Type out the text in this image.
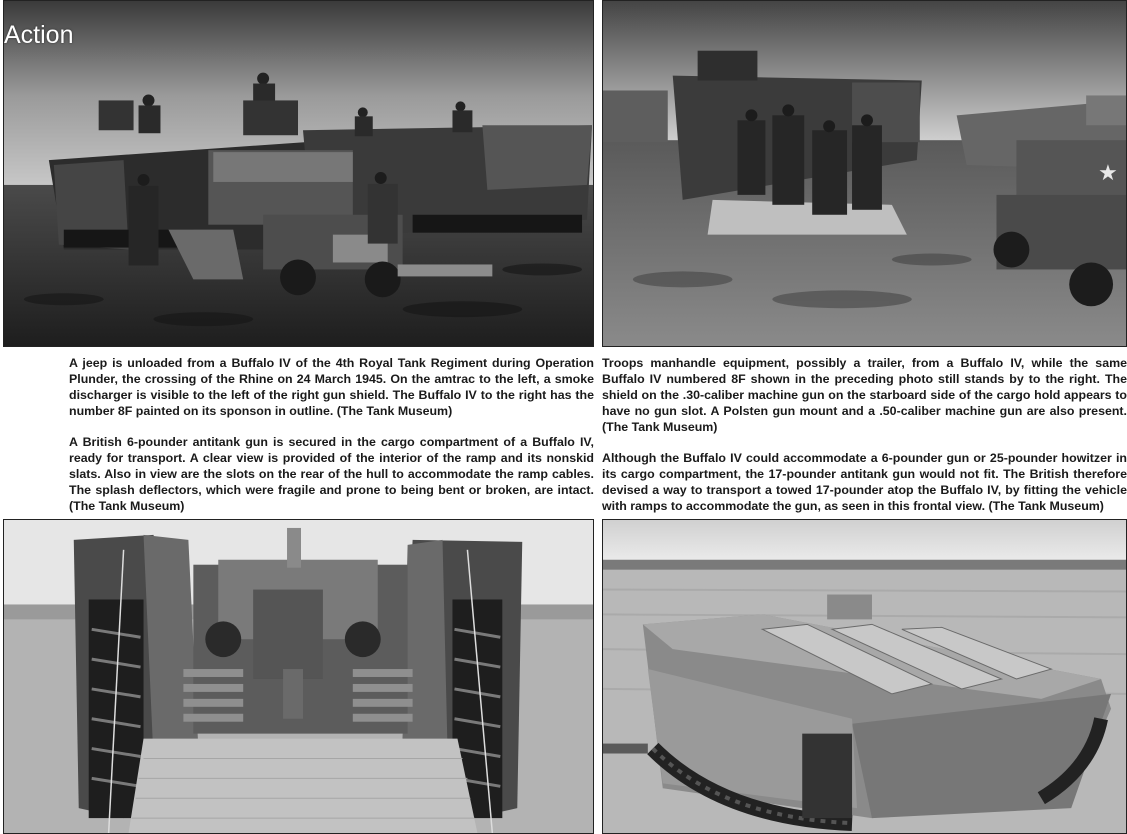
Action
★

A jeep is unloaded from a Buffalo IV of the 4th Royal Tank Regiment during Operation Plunder, the crossing of the Rhine on 24 March 1945. On the amtrac to the left, a smoke discharger is visible to the left of the right gun shield. The Buffalo IV to the right has the number 8F painted on its sponson in outline. (The Tank Museum)

Troops manhandle equipment, possibly a trailer, from a Buffalo IV, while the same Buffalo IV numbered 8F shown in the preceding photo still stands by to the right. The shield on the .30-caliber machine gun on the starboard side of the cargo hold appears to have no gun slot. A Polsten gun mount and a .50-caliber machine gun are also present. (The Tank Museum)

A British 6-pounder antitank gun is secured in the cargo compartment of a Buffalo IV, ready for transport. A clear view is provided of the interior of the ramp and its nonskid slats. Also in view are the slots on the rear of the hull to accommodate the ramp cables. The splash deflectors, which were fragile and prone to being bent or broken, are intact. (The Tank Museum)

Although the Buffalo IV could accommodate a 6-pounder gun or 25-pounder howitzer in its cargo compartment, the 17-pounder antitank gun would not fit. The British therefore devised a way to transport a towed 17-pounder atop the Buffalo IV, by fitting the vehicle with ramps to accommodate the gun, as seen in this frontal view. (The Tank Museum)
